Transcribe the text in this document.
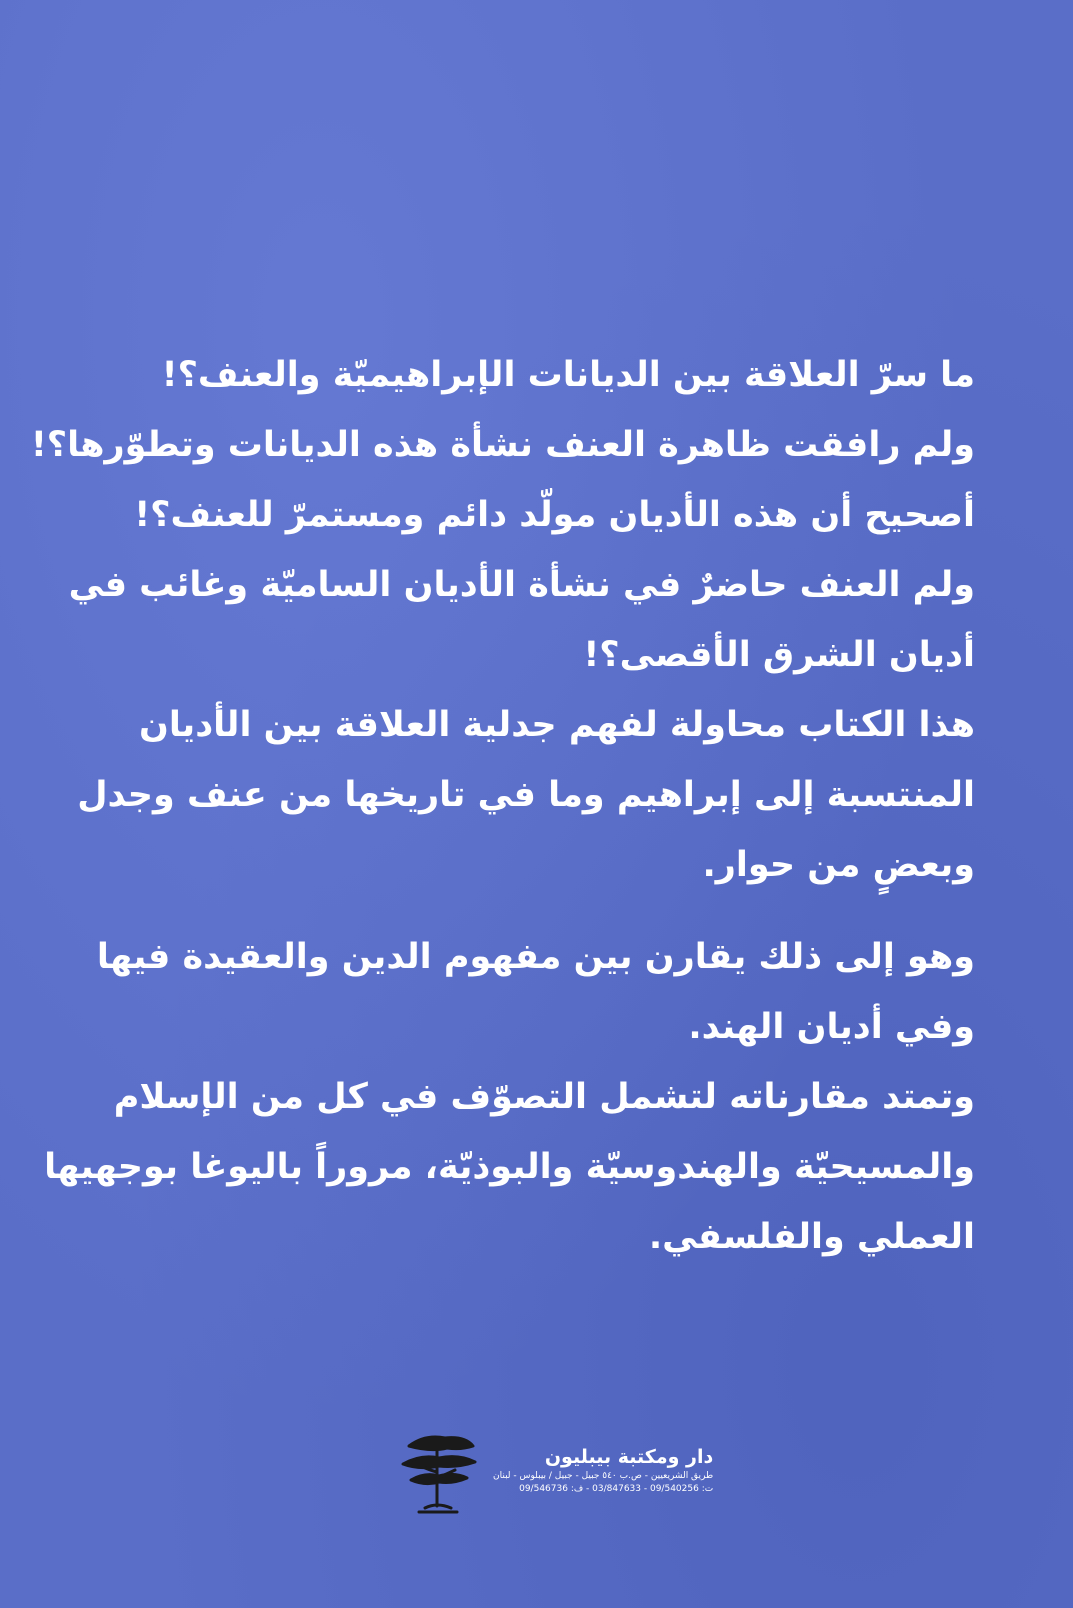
ما سرّ العلاقة بين الديانات الإبراهيميّة والعنف؟!
ولم رافقت ظاهرة العنف نشأة هذه الديانات وتطوّرها؟!
أصحيح أن هذه الأديان مولّد دائم ومستمرّ للعنف؟!
ولم العنف حاضرٌ في نشأة الأديان الساميّة وغائب في
أديان الشرق الأقصى؟!
هذا الكتاب محاولة لفهم جدلية العلاقة بين الأديان
المنتسبة إلى إبراهيم وما في تاريخها من عنف وجدل
وبعضٍ من حوار.
وهو إلى ذلك يقارن بين مفهوم الدين والعقيدة فيها
وفي أديان الهند.
وتمتد مقارناته لتشمل التصوّف في كل من الإسلام
والمسيحيّة والهندوسيّة والبوذيّة، مروراً باليوغا بوجهيها
العملي والفلسفي.
دار ومكتبة بيبليون
طريق الشريعيين - ص.ب ٥٤٠ جبيل - جبيل / بيبلوس - لبنان
ت: 09/540256 - 03/847633 - ف: 09/546736
